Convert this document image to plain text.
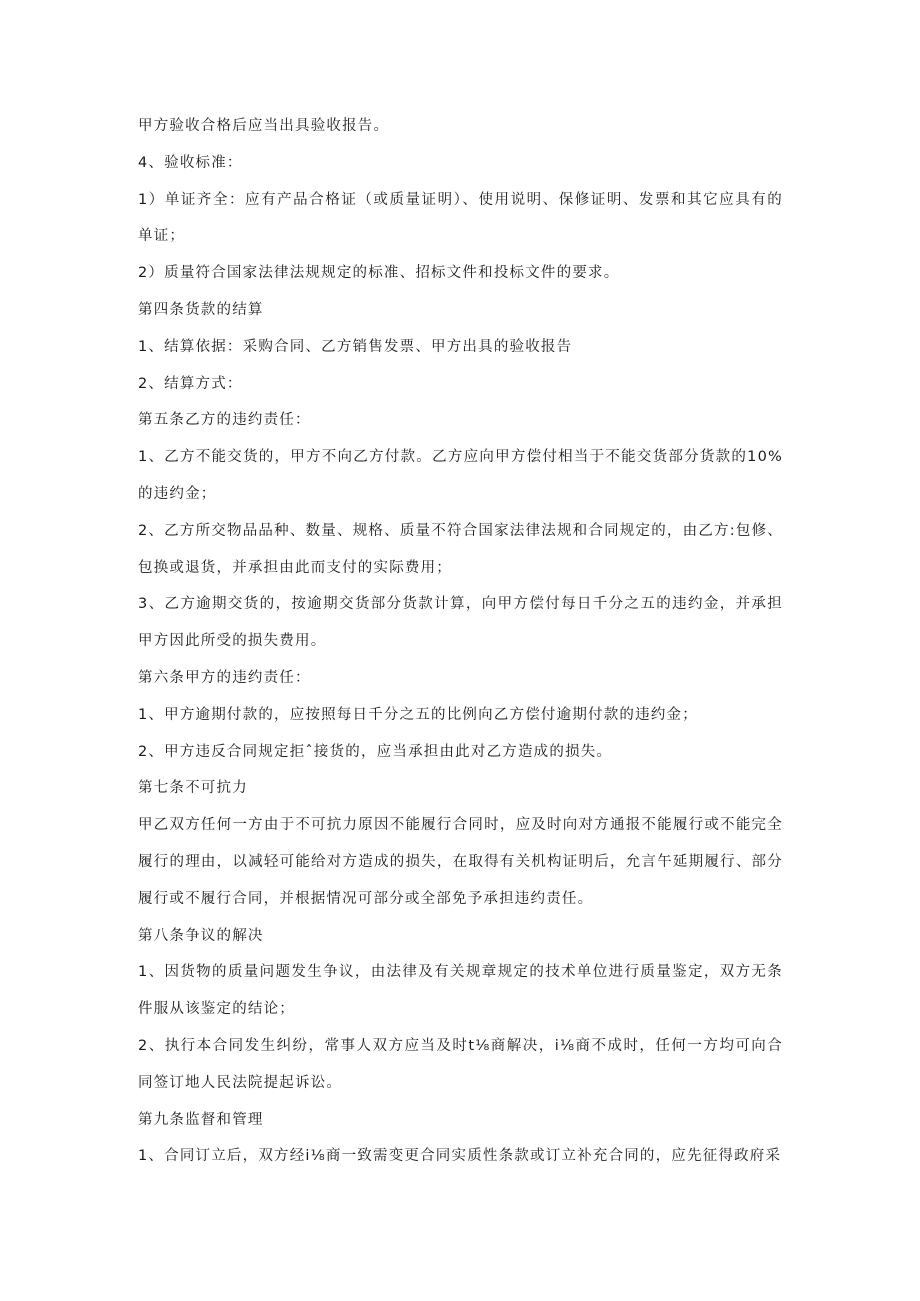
甲方验收合格后应当出具验收报告。

4、验收标准：

1）单证齐全：应有产品合格证（或质量证明）、使用说明、保修证明、发票和其它应具有的单证；

2）质量符合国家法律法规规定的标准、招标文件和投标文件的要求。

第四条货款的结算

1、结算依据：采购合同、乙方销售发票、甲方出具的验收报告

2、结算方式：

第五条乙方的违约责任：

1、乙方不能交货的，甲方不向乙方付款。乙方应向甲方偿付相当于不能交货部分货款的10%的违约金；

2、乙方所交物品品种、数量、规格、质量不符合国家法律法规和合同规定的，由乙方:包修、包换或退货，并承担由此而支付的实际费用；

3、乙方逾期交货的，按逾期交货部分货款计算，向甲方偿付每日千分之五的违约金，并承担甲方因此所受的损失费用。

第六条甲方的违约责任：

1、甲方逾期付款的，应按照每日千分之五的比例向乙方偿付逾期付款的违约金；

2、甲方违反合同规定拒ˆ接货的，应当承担由此对乙方造成的损失。

第七条不可抗力

甲乙双方任何一方由于不可抗力原因不能履行合同时，应及时向对方通报不能履行或不能完全履行的理由，以减轻可能给对方造成的损失，在取得有关机构证明后，允言午延期履行、部分履行或不履行合同，并根据情况可部分或全部免予承担违约责任。

第八条争议的解决

1、因货物的质量问题发生争议，由法律及有关规章规定的技术单位进行质量鉴定，双方无条件服从该鉴定的结论；

2、执行本合同发生纠纷，常事人双方应当及时t⅛商解决，i⅛商不成时，任何一方均可向合同签订地人民法院提起诉讼。

第九条监督和管理

1、合同订立后，双方经i⅛商一致需变更合同实质性条款或订立补充合同的，应先征得政府采
